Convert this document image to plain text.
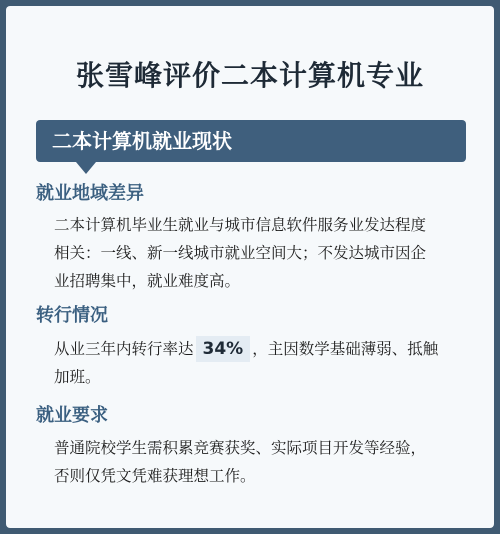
张雪峰评价二本计算机专业
二本计算机就业现状
就业地域差异
二本计算机毕业生就业与城市信息软件服务业发达程度
相关：一线、新一线城市就业空间大；不发达城市因企
业招聘集中，就业难度高。
转行情况
从业三年内转行率达 34% ，主因数学基础薄弱、抵触
加班。
就业要求
普通院校学生需积累竞赛获奖、实际项目开发等经验，
否则仅凭文凭难获理想工作。
